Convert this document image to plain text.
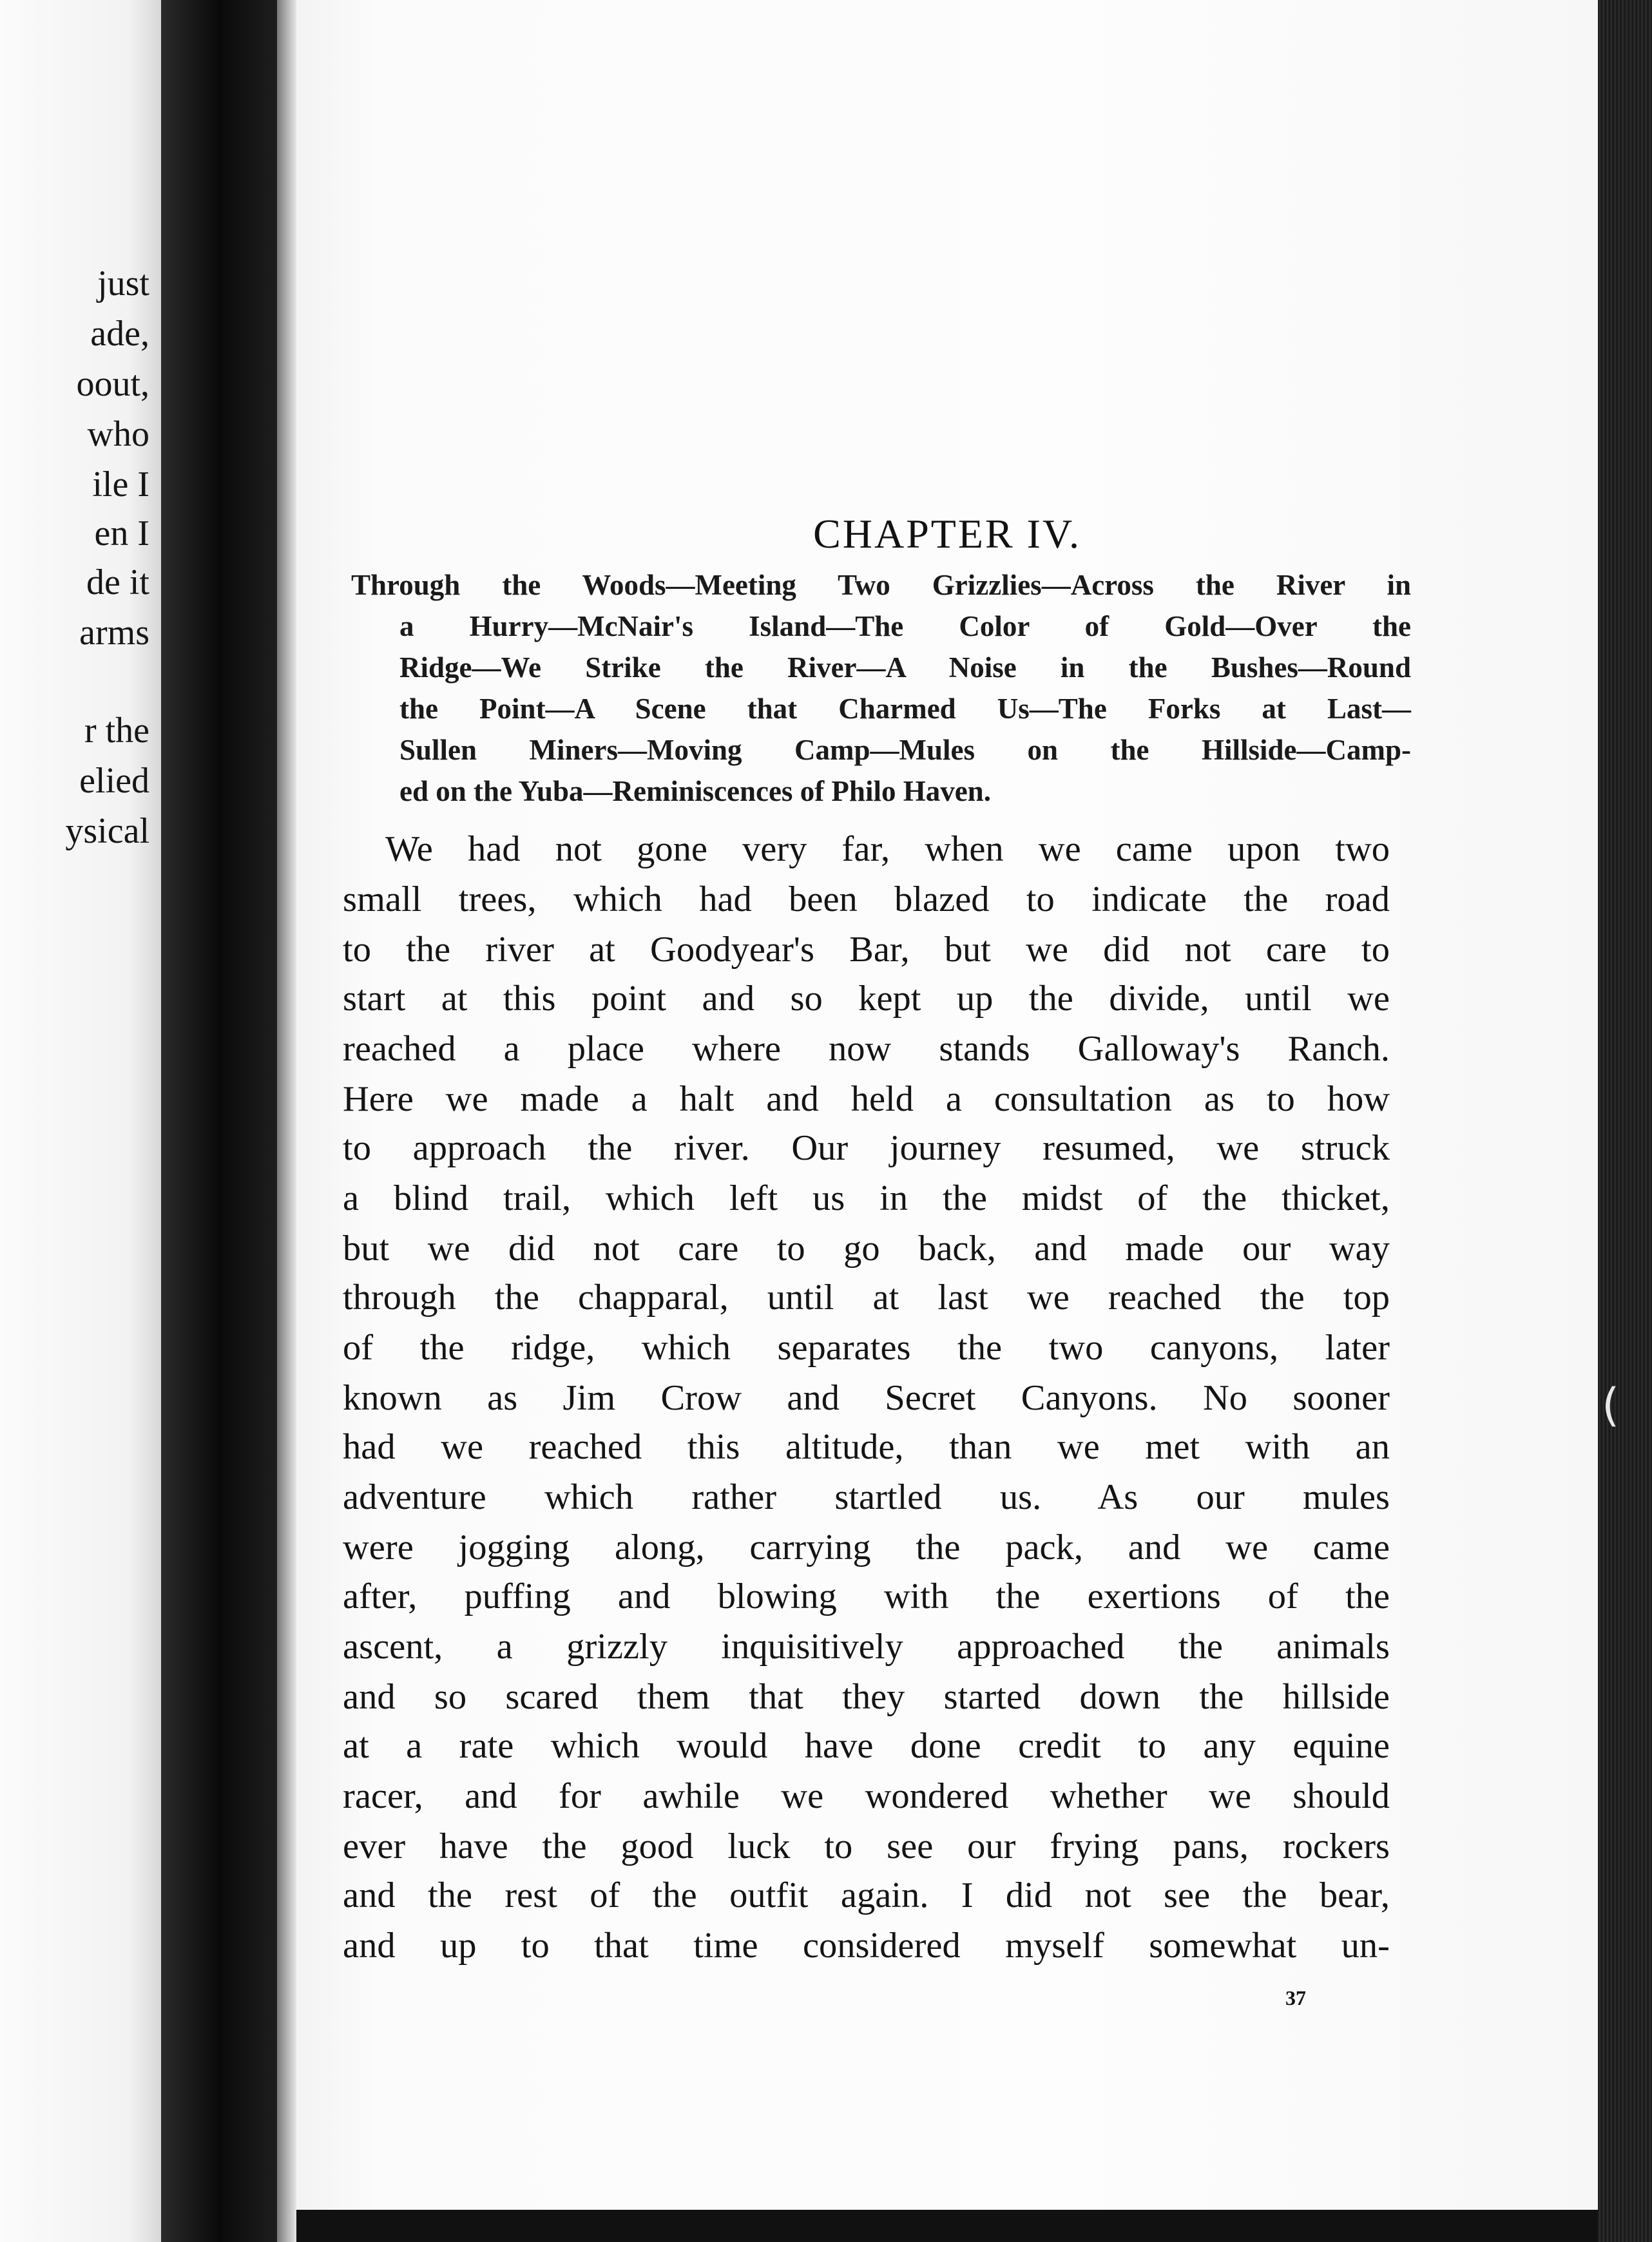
just
ade,
oout,
who
ile I
en I
de it
arms
r the
elied
ysical
CHAPTER IV.
Through the Woods—Meeting Two Grizzlies—Across the River in
a Hurry—McNair's Island—The Color of Gold—Over the
Ridge—We Strike the River—A Noise in the Bushes—Round
the Point—A Scene that Charmed Us—The Forks at Last—
Sullen Miners—Moving Camp—Mules on the Hillside—Camp-
ed on the Yuba—Reminiscences of Philo Haven.
We had not gone very far, when we came upon two
small trees, which had been blazed to indicate the road
to the river at Goodyear's Bar, but we did not care to
start at this point and so kept up the divide, until we
reached a place where now stands Galloway's Ranch.
Here we made a halt and held a consultation as to how
to approach the river. Our journey resumed, we struck
a blind trail, which left us in the midst of the thicket,
but we did not care to go back, and made our way
through the chapparal, until at last we reached the top
of the ridge, which separates the two canyons, later
known as Jim Crow and Secret Canyons. No sooner
had we reached this altitude, than we met with an
adventure which rather startled us. As our mules
were jogging along, carrying the pack, and we came
after, puffing and blowing with the exertions of the
ascent, a grizzly inquisitively approached the animals
and so scared them that they started down the hillside
at a rate which would have done credit to any equine
racer, and for awhile we wondered whether we should
ever have the good luck to see our frying pans, rockers
and the rest of the outfit again. I did not see the bear,
and up to that time considered myself somewhat un-
37
(
